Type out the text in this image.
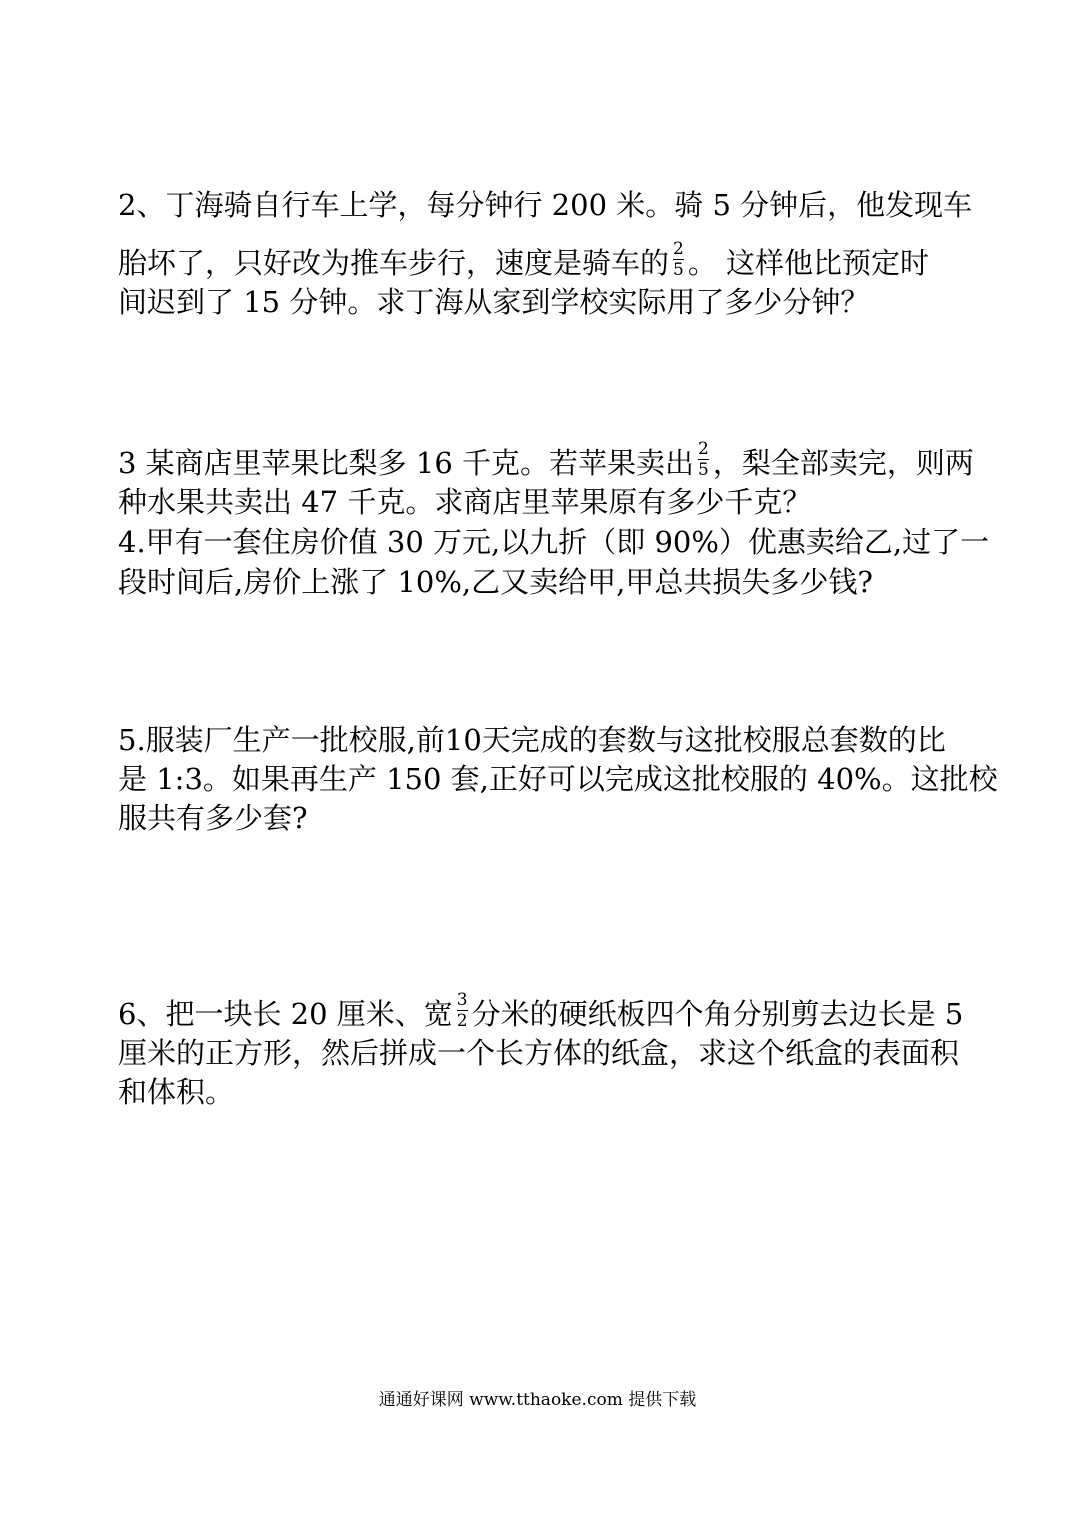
2、丁海骑自行车上学，每分钟行 200 米。骑 5 分钟后，他发现车
胎坏了，只好改为推车步行，速度是骑车的 $\frac{2}{5}$ 。 这样他比预定时
间迟到了 15 分钟。求丁海从家到学校实际用了多少分钟？
3 某商店里苹果比梨多 16 千克。若苹果卖出 $\frac{2}{5}$ ，梨全部卖完，则两
种水果共卖出 47 千克。求商店里苹果原有多少千克？
4.甲有一套住房价值 30 万元,以九折（即 90%）优惠卖给乙,过了一
段时间后,房价上涨了 10%,乙又卖给甲,甲总共损失多少钱?
5.服装厂生产一批校服,前10天完成的套数与这批校服总套数的比
是 1:3。如果再生产 150 套,正好可以完成这批校服的 40%。这批校
服共有多少套?
6、把一块长 20 厘米、宽 $\frac{3}{2}$ 分米的硬纸板四个角分别剪去边长是 5
厘米的正方形，然后拼成一个长方体的纸盒，求这个纸盒的表面积
和体积。
通通好课网 www.tthaoke.com 提供下载
